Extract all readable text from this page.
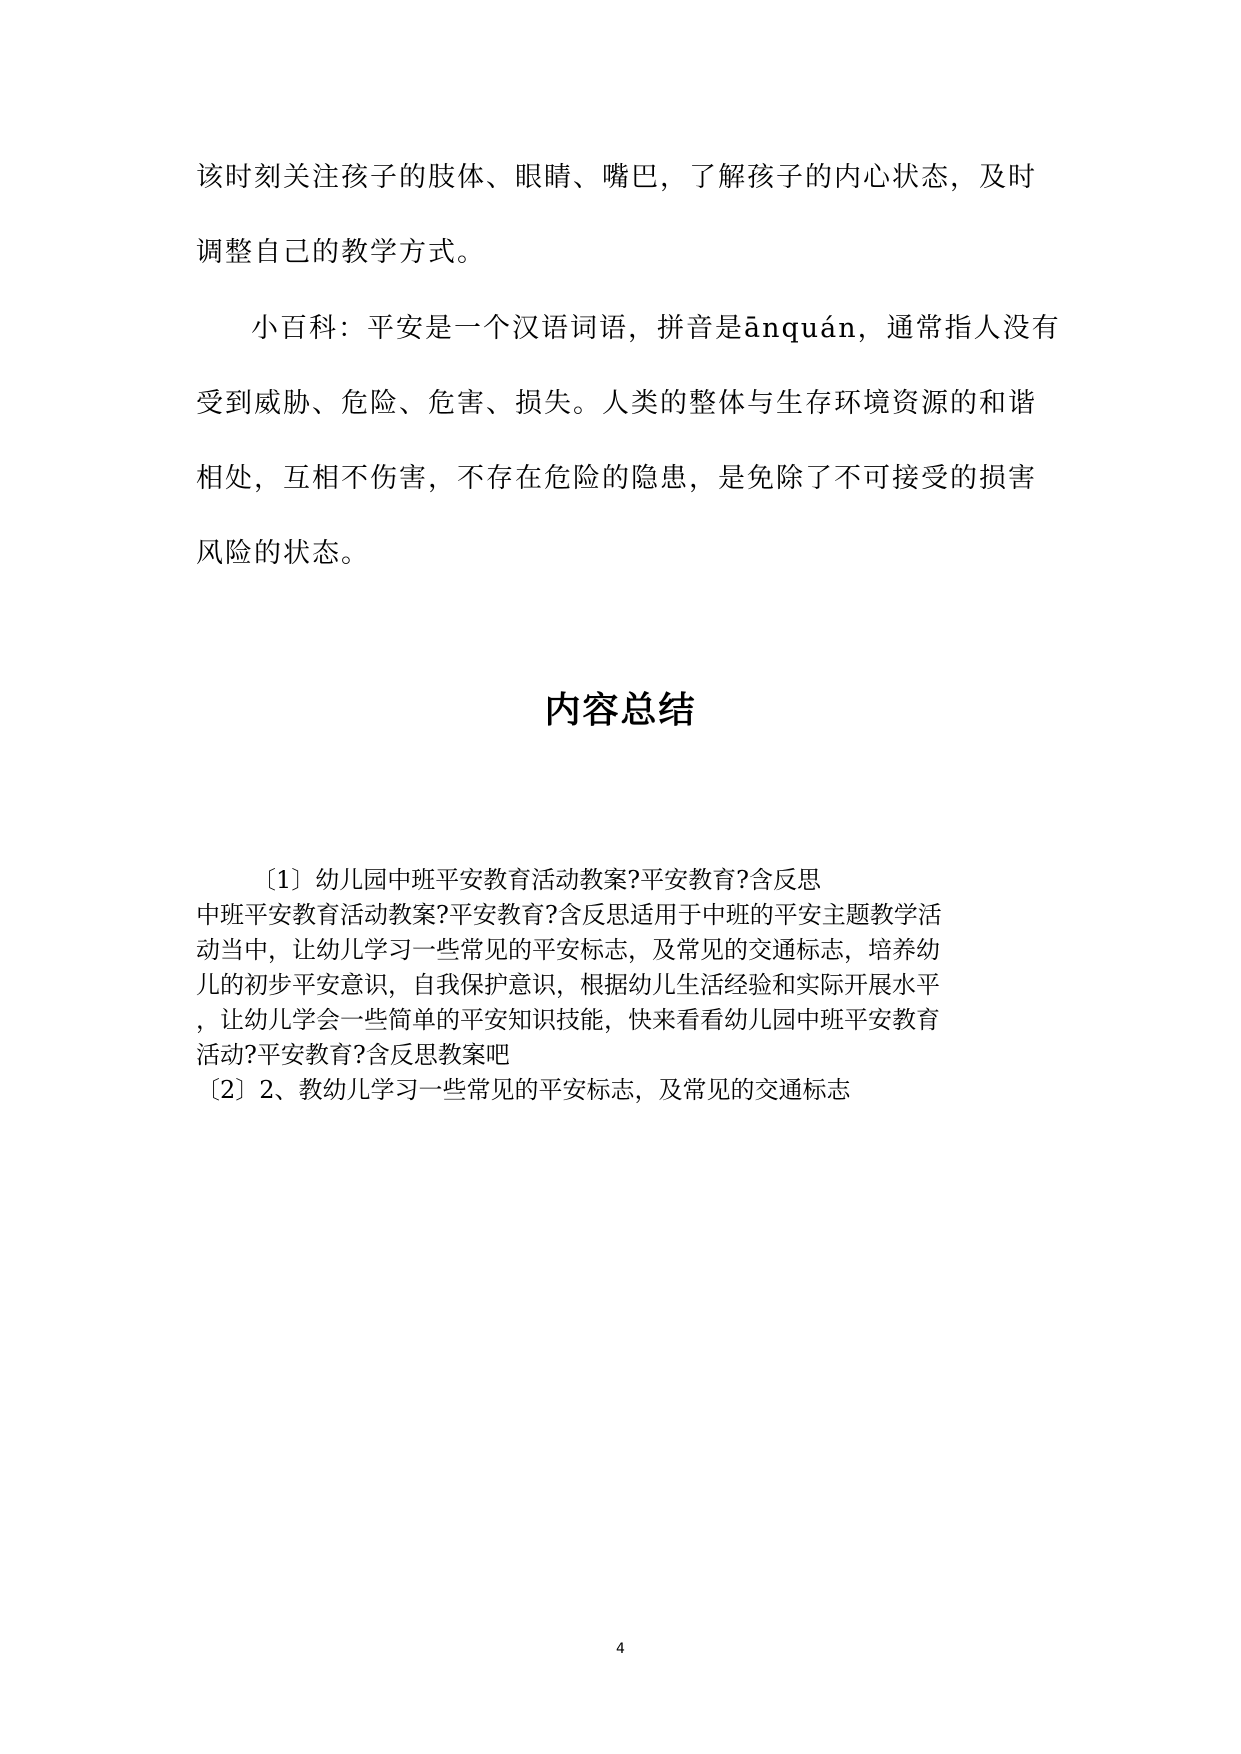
该时刻关注孩子的肢体、眼睛、嘴巴，了解孩子的内心状态，及时
调整自己的教学方式。
小百科：平安是一个汉语词语，拼音是ānquán，通常指人没有
受到威胁、危险、危害、损失。人类的整体与生存环境资源的和谐
相处，互相不伤害，不存在危险的隐患，是免除了不可接受的损害
风险的状态。
内容总结
〔1〕幼儿园中班平安教育活动教案?平安教育?含反思
中班平安教育活动教案?平安教育?含反思适用于中班的平安主题教学活
动当中，让幼儿学习一些常见的平安标志，及常见的交通标志，培养幼
儿的初步平安意识，自我保护意识，根据幼儿生活经验和实际开展水平
，让幼儿学会一些简单的平安知识技能，快来看看幼儿园中班平安教育
活动?平安教育?含反思教案吧
〔2〕2、教幼儿学习一些常见的平安标志，及常见的交通标志
4
